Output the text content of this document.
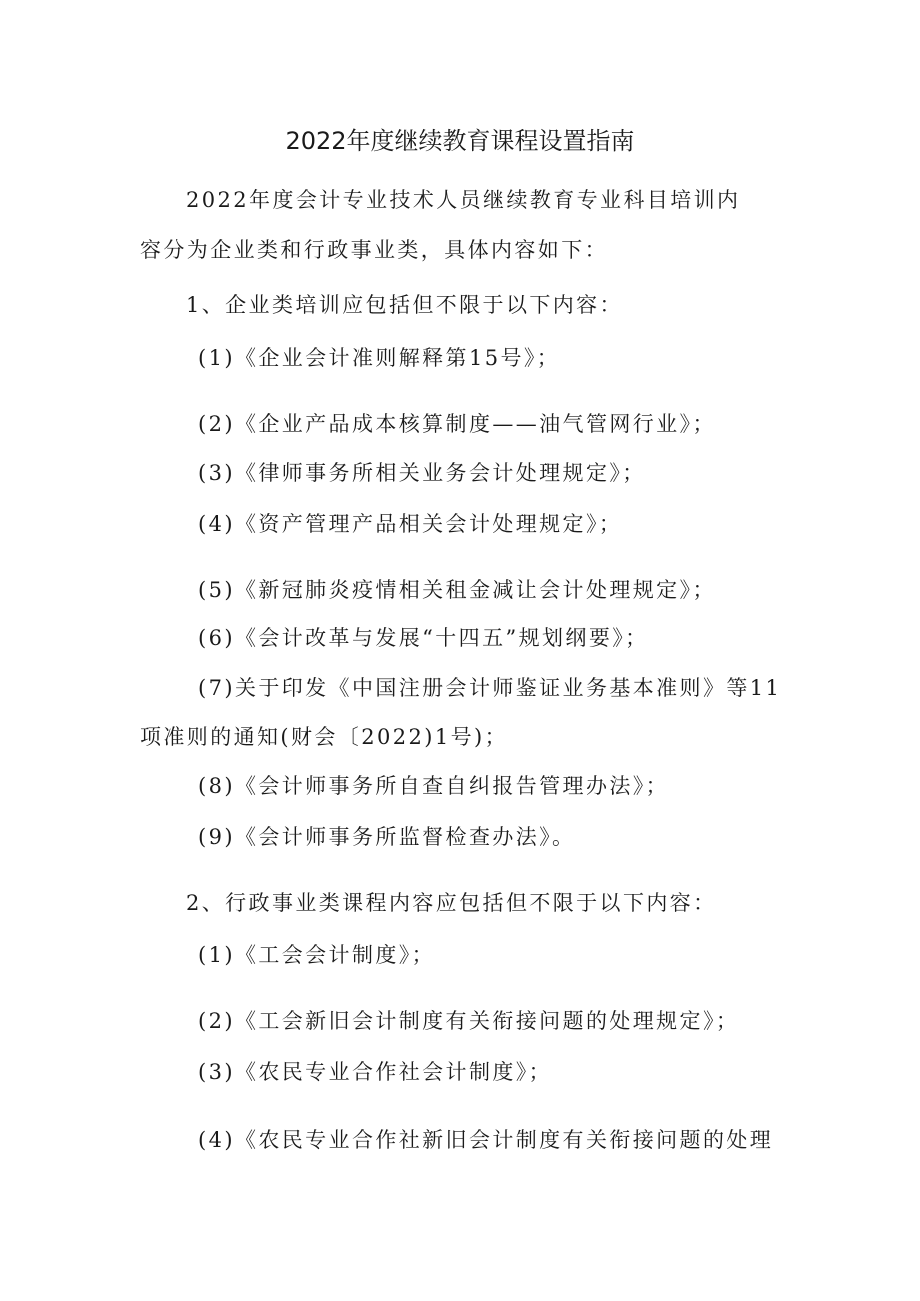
2022年度继续教育课程设置指南
2022年度会计专业技术人员继续教育专业科目培训内
容分为企业类和行政事业类，具体内容如下：
1、企业类培训应包括但不限于以下内容：
(1)《企业会计准则解释第15号》；
(2)《企业产品成本核算制度——油气管网行业》；
(3)《律师事务所相关业务会计处理规定》；
(4)《资产管理产品相关会计处理规定》；
(5)《新冠肺炎疫情相关租金减让会计处理规定》；
(6)《会计改革与发展“十四五”规划纲要》；
(7)关于印发《中国注册会计师鉴证业务基本准则》等11
项准则的通知(财会〔2022)1号)；
(8)《会计师事务所自查自纠报告管理办法》；
(9)《会计师事务所监督检查办法》。
2、行政事业类课程内容应包括但不限于以下内容：
(1)《工会会计制度》；
(2)《工会新旧会计制度有关衔接问题的处理规定》；
(3)《农民专业合作社会计制度》；
(4)《农民专业合作社新旧会计制度有关衔接问题的处理
